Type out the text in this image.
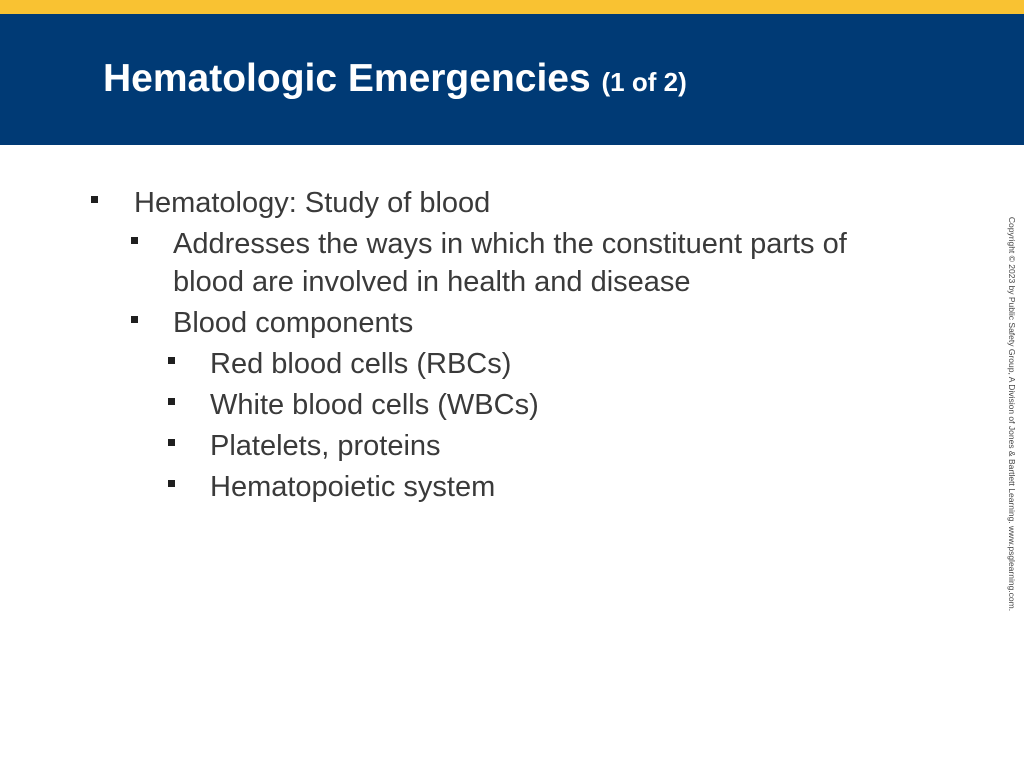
Hematologic Emergencies (1 of 2)
Hematology: Study of blood
Addresses the ways in which the constituent parts of blood are involved in health and disease
Blood components
Red blood cells (RBCs)
White blood cells (WBCs)
Platelets, proteins
Hematopoietic system	Copyright © 2023 by Public Safety Group, A Division of Jones & Bartlett Learning. www.psglearning.com.
